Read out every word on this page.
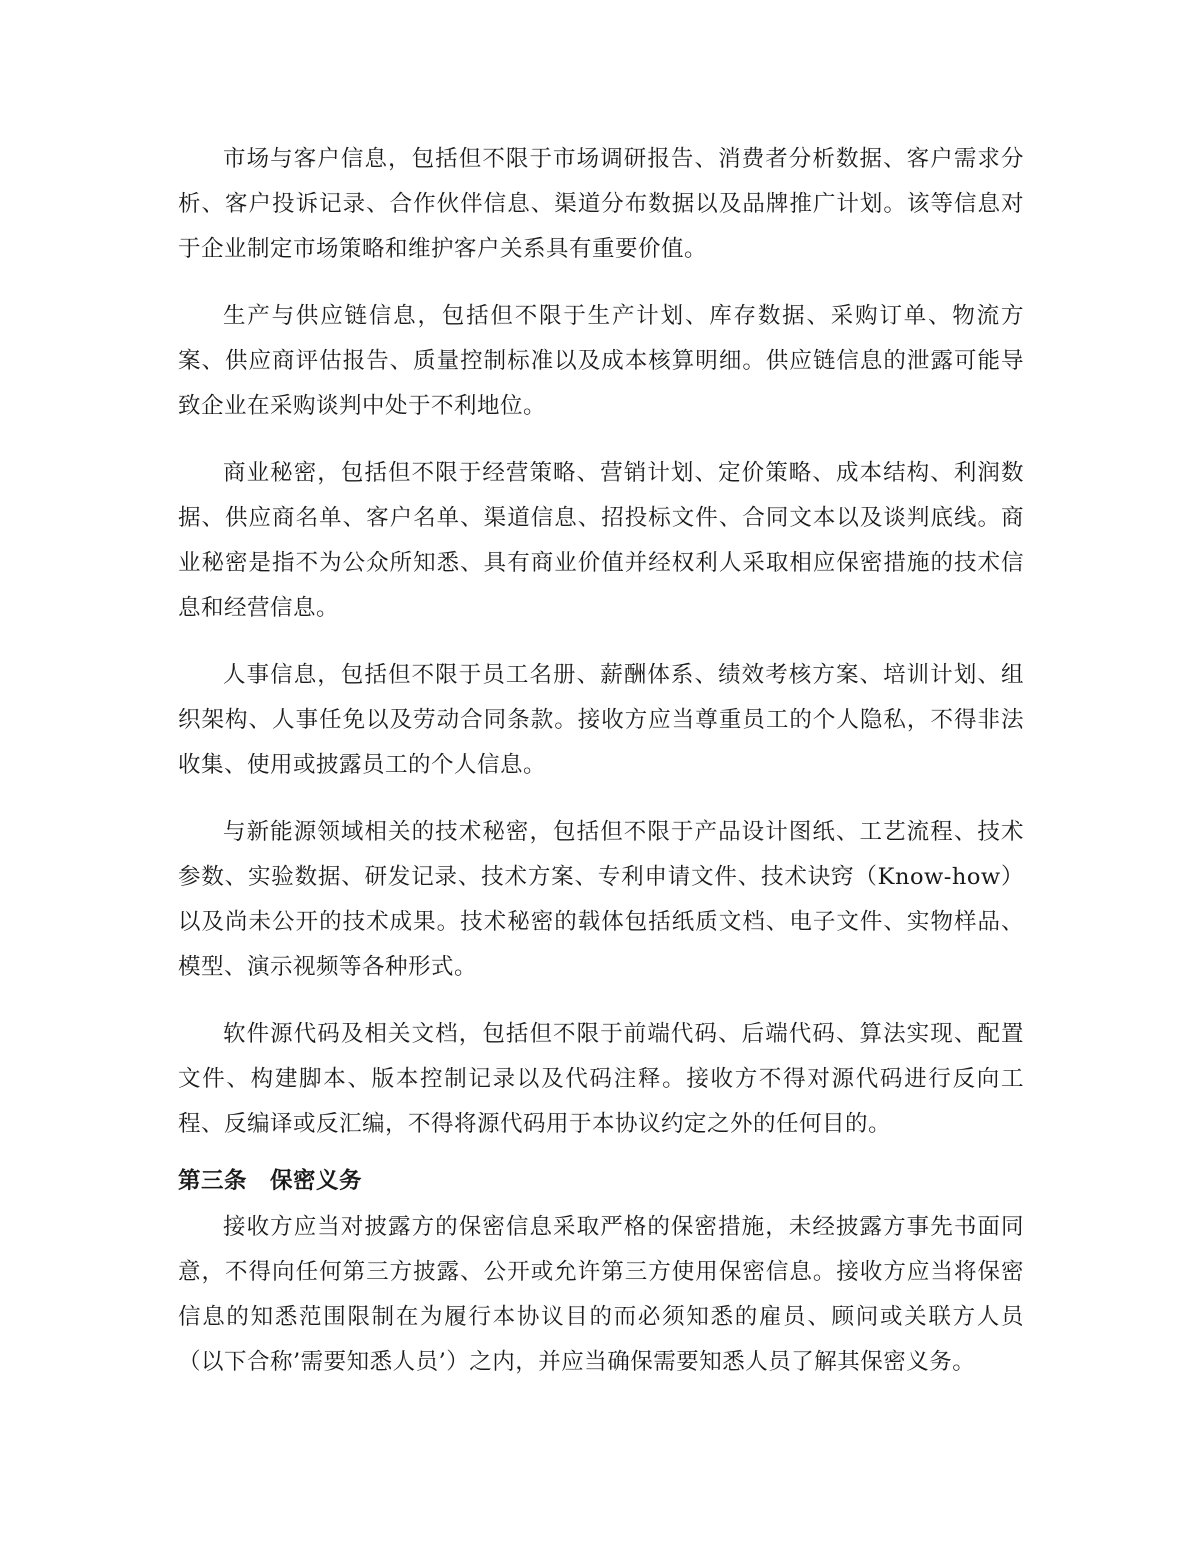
市场与客户信息，包括但不限于市场调研报告、消费者分析数据、客户需求分析、客户投诉记录、合作伙伴信息、渠道分布数据以及品牌推广计划。该等信息对于企业制定市场策略和维护客户关系具有重要价值。

生产与供应链信息，包括但不限于生产计划、库存数据、采购订单、物流方案、供应商评估报告、质量控制标准以及成本核算明细。供应链信息的泄露可能导致企业在采购谈判中处于不利地位。

商业秘密，包括但不限于经营策略、营销计划、定价策略、成本结构、利润数据、供应商名单、客户名单、渠道信息、招投标文件、合同文本以及谈判底线。商业秘密是指不为公众所知悉、具有商业价值并经权利人采取相应保密措施的技术信息和经营信息。

人事信息，包括但不限于员工名册、薪酬体系、绩效考核方案、培训计划、组织架构、人事任免以及劳动合同条款。接收方应当尊重员工的个人隐私，不得非法收集、使用或披露员工的个人信息。

与新能源领域相关的技术秘密，包括但不限于产品设计图纸、工艺流程、技术参数、实验数据、研发记录、技术方案、专利申请文件、技术诀窍（Know-how）以及尚未公开的技术成果。技术秘密的载体包括纸质文档、电子文件、实物样品、模型、演示视频等各种形式。

软件源代码及相关文档，包括但不限于前端代码、后端代码、算法实现、配置文件、构建脚本、版本控制记录以及代码注释。接收方不得对源代码进行反向工程、反编译或反汇编，不得将源代码用于本协议约定之外的任何目的。

第三条　保密义务

接收方应当对披露方的保密信息采取严格的保密措施，未经披露方事先书面同意，不得向任何第三方披露、公开或允许第三方使用保密信息。接收方应当将保密信息的知悉范围限制在为履行本协议目的而必须知悉的雇员、顾问或关联方人员（以下合称’需要知悉人员’）之内，并应当确保需要知悉人员了解其保密义务。
